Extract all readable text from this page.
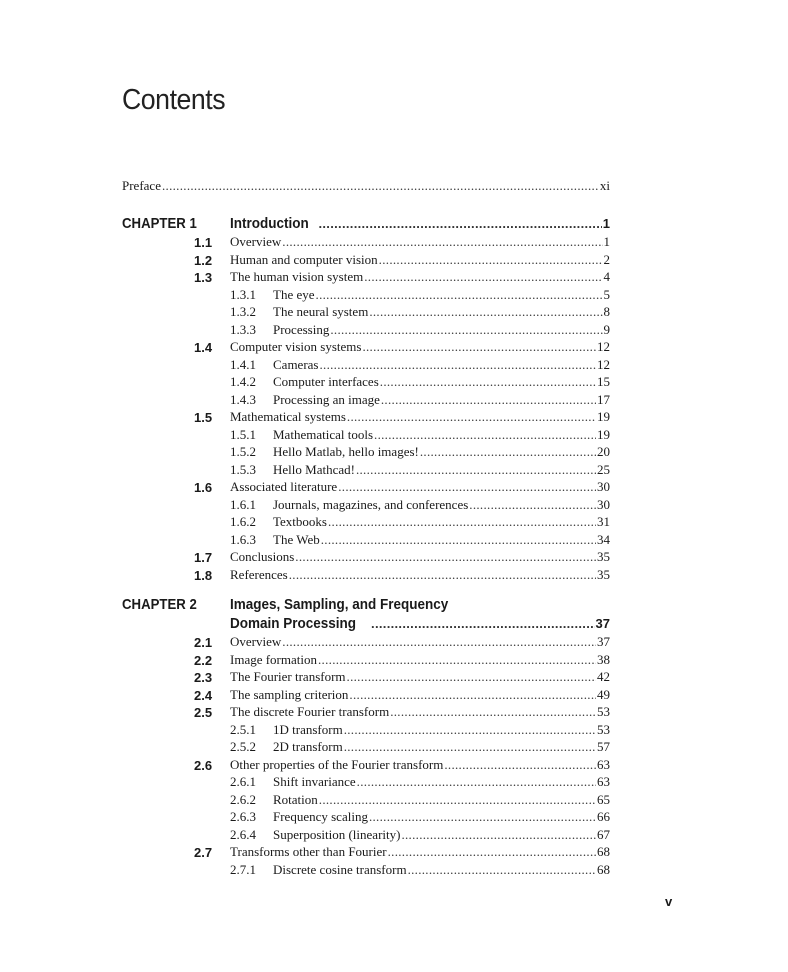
Contents
Preface .....	xi
CHAPTER 1 Introduction .....	1
1.1 Overview .....	1
1.2 Human and computer vision .....	2
1.3 The human vision system .....	4
1.3.1	The eye .....	5
1.3.2	The neural system .....	8
1.3.3	Processing .....	9
1.4 Computer vision systems .....	12
1.4.1	Cameras .....	12
1.4.2	Computer interfaces .....	15
1.4.3	Processing an image .....	17
1.5 Mathematical systems .....	19
1.5.1	Mathematical tools .....	19
1.5.2	Hello Matlab, hello images! .....	20
1.5.3	Hello Mathcad! .....	25
1.6 Associated literature .....	30
1.6.1	Journals, magazines, and conferences .....	30
1.6.2	Textbooks .....	31
1.6.3	The Web .....	34
1.7 Conclusions .....	35
1.8 References .....	35
CHAPTER 2 Images, Sampling, and Frequency
Domain Processing .....	37
2.1 Overview .....	37
2.2 Image formation .....	38
2.3 The Fourier transform .....	42
2.4 The sampling criterion .....	49
2.5 The discrete Fourier transform .....	53
2.5.1	1D transform .....	53
2.5.2	2D transform .....	57
2.6 Other properties of the Fourier transform .....	63
2.6.1	Shift invariance .....	63
2.6.2	Rotation .....	65
2.6.3	Frequency scaling .....	66
2.6.4	Superposition (linearity) .....	67
2.7 Transforms other than Fourier .....	68
2.7.1	Discrete cosine transform .....	68
v
